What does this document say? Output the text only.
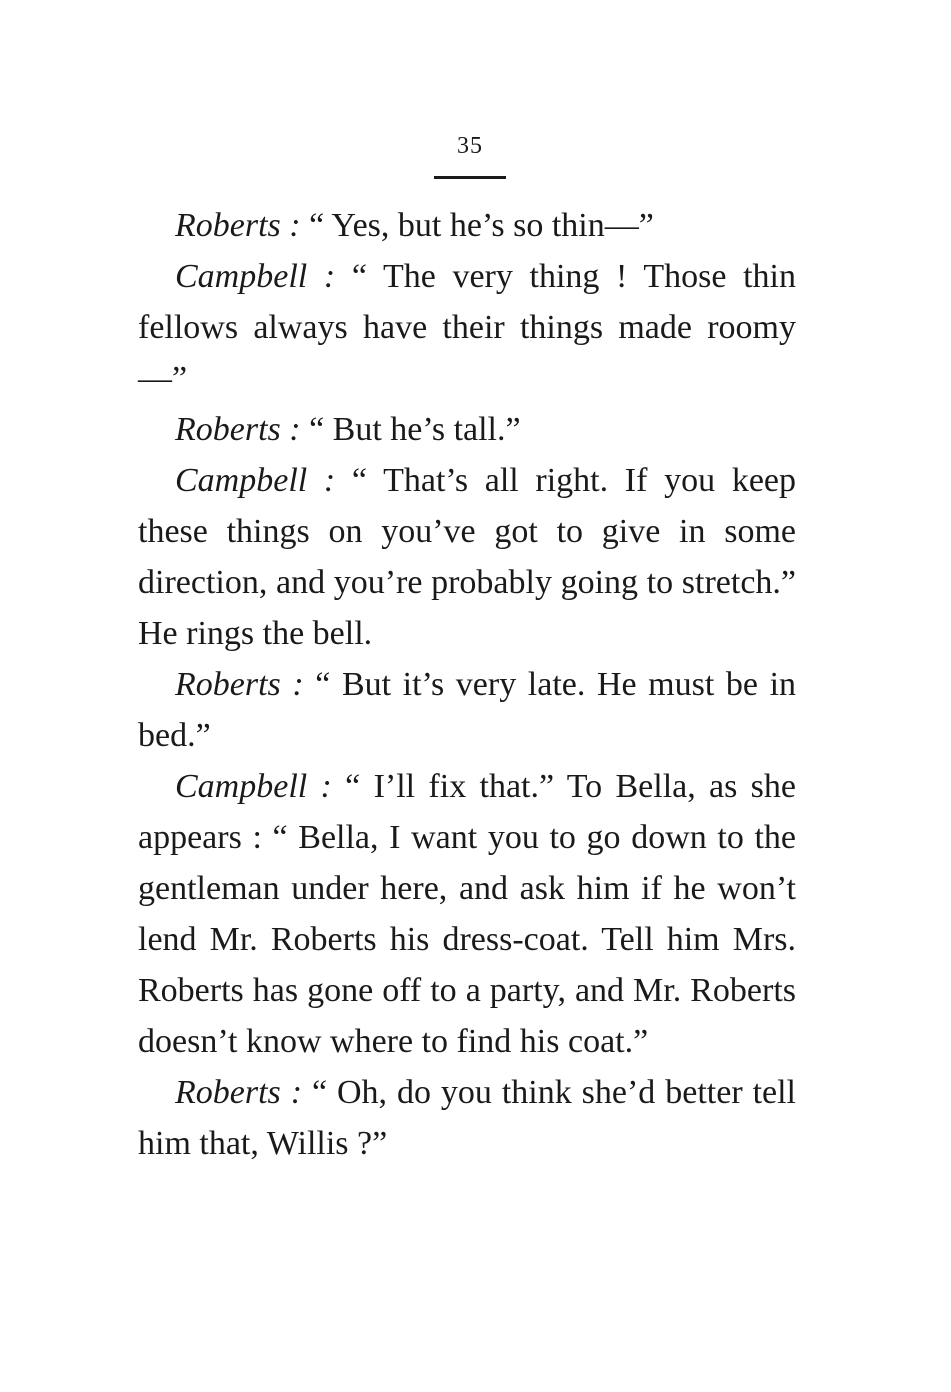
35

Roberts : “ Yes, but he’s so thin—”

Campbell : “ The very thing ! Those thin fellows always have their things made roomy—”

Roberts : “ But he’s tall.”

Campbell : “ That’s all right. If you keep these things on you’ve got to give in some direction, and you’re probably going to stretch.” He rings the bell.

Roberts : “ But it’s very late. He must be in bed.”

Campbell : “ I’ll fix that.” To Bella, as she appears : “ Bella, I want you to go down to the gentleman under here, and ask him if he won’t lend Mr. Roberts his dress-coat. Tell him Mrs. Roberts has gone off to a party, and Mr. Roberts doesn’t know where to find his coat.”

Roberts : “ Oh, do you think she’d better tell him that, Willis ?”
